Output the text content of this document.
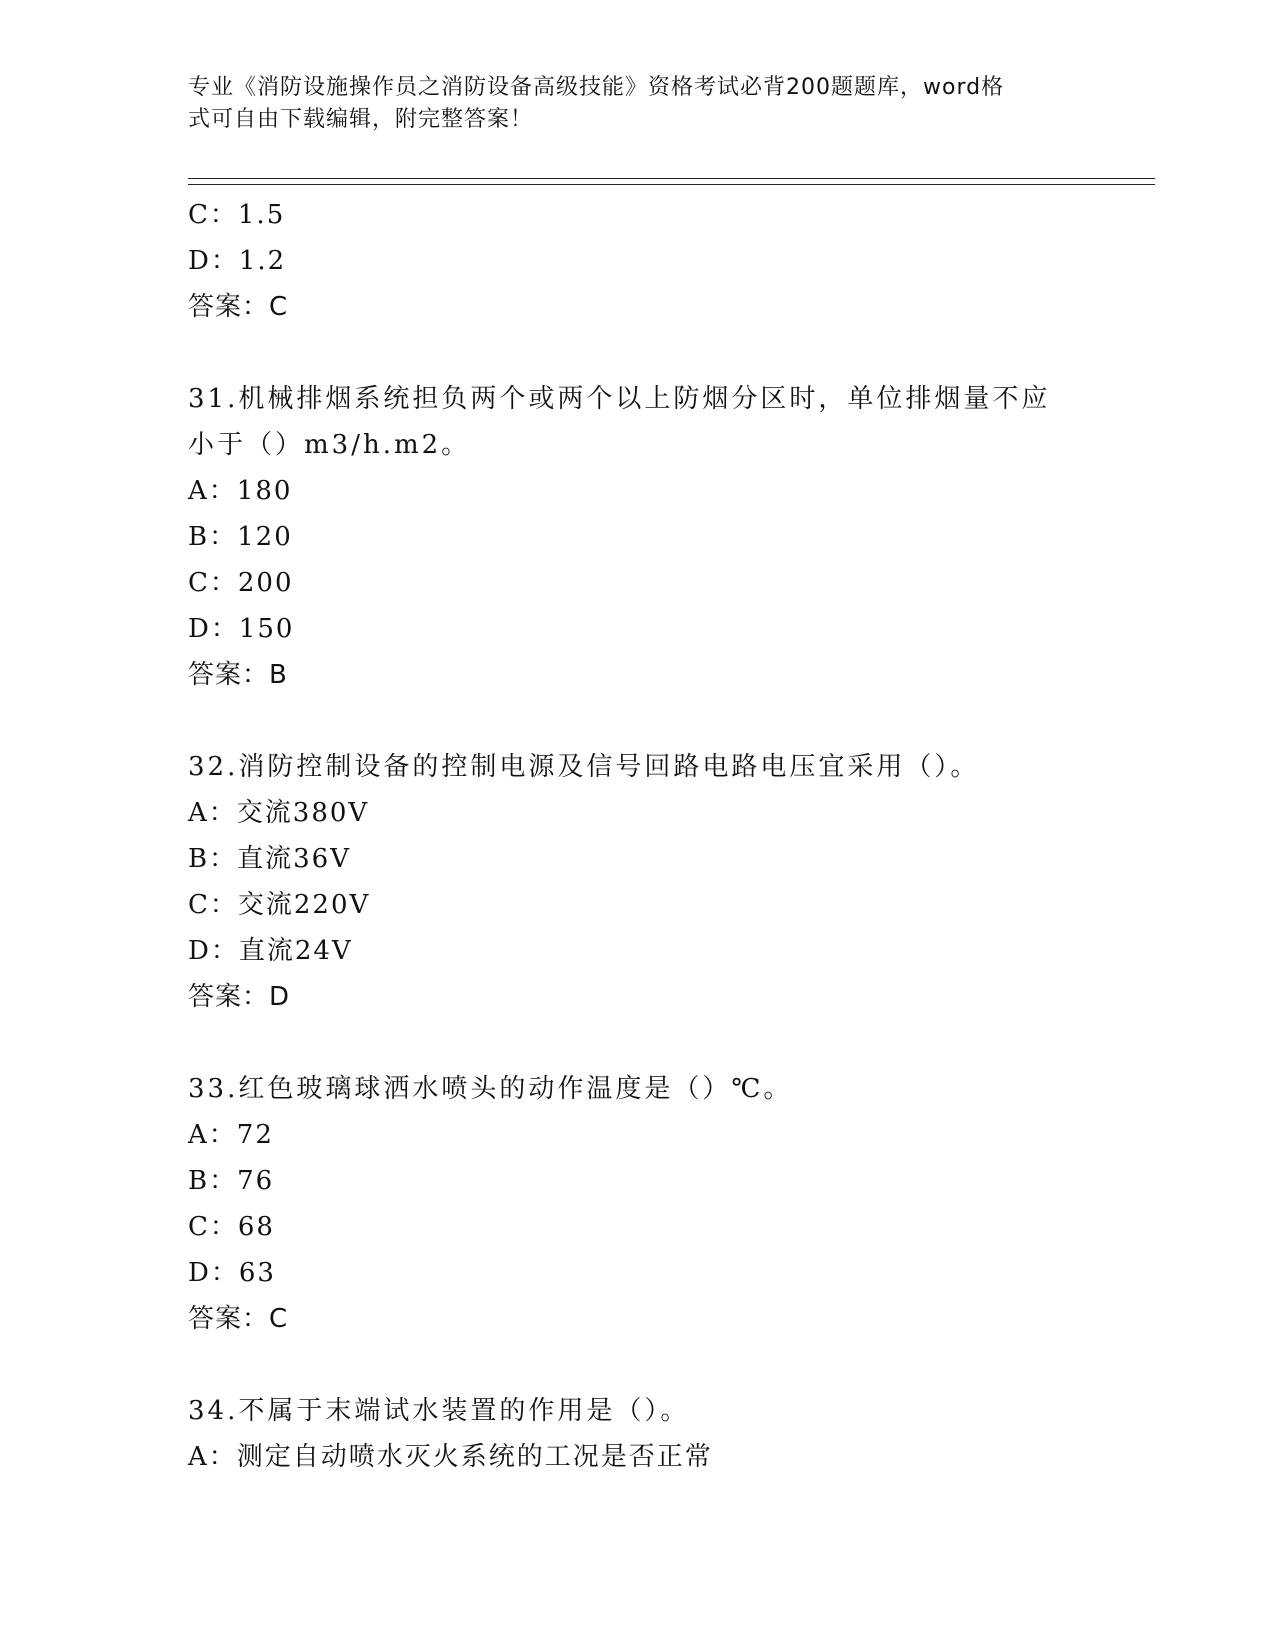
专业《消防设施操作员之消防设备高级技能》资格考试必背200题题库，word格
式可自由下载编辑，附完整答案！
C：1.5
D：1.2
答案：C
31.机械排烟系统担负两个或两个以上防烟分区时，单位排烟量不应小于（）m3/h.m2。
A：180
B：120
C：200
D：150
答案：B
32.消防控制设备的控制电源及信号回路电路电压宜采用（）。
A：交流380V
B：直流36V
C：交流220V
D：直流24V
答案：D
33.红色玻璃球洒水喷头的动作温度是（）℃。
A：72
B：76
C：68
D：63
答案：C
34.不属于末端试水装置的作用是（）。
A：测定自动喷水灭火系统的工况是否正常
